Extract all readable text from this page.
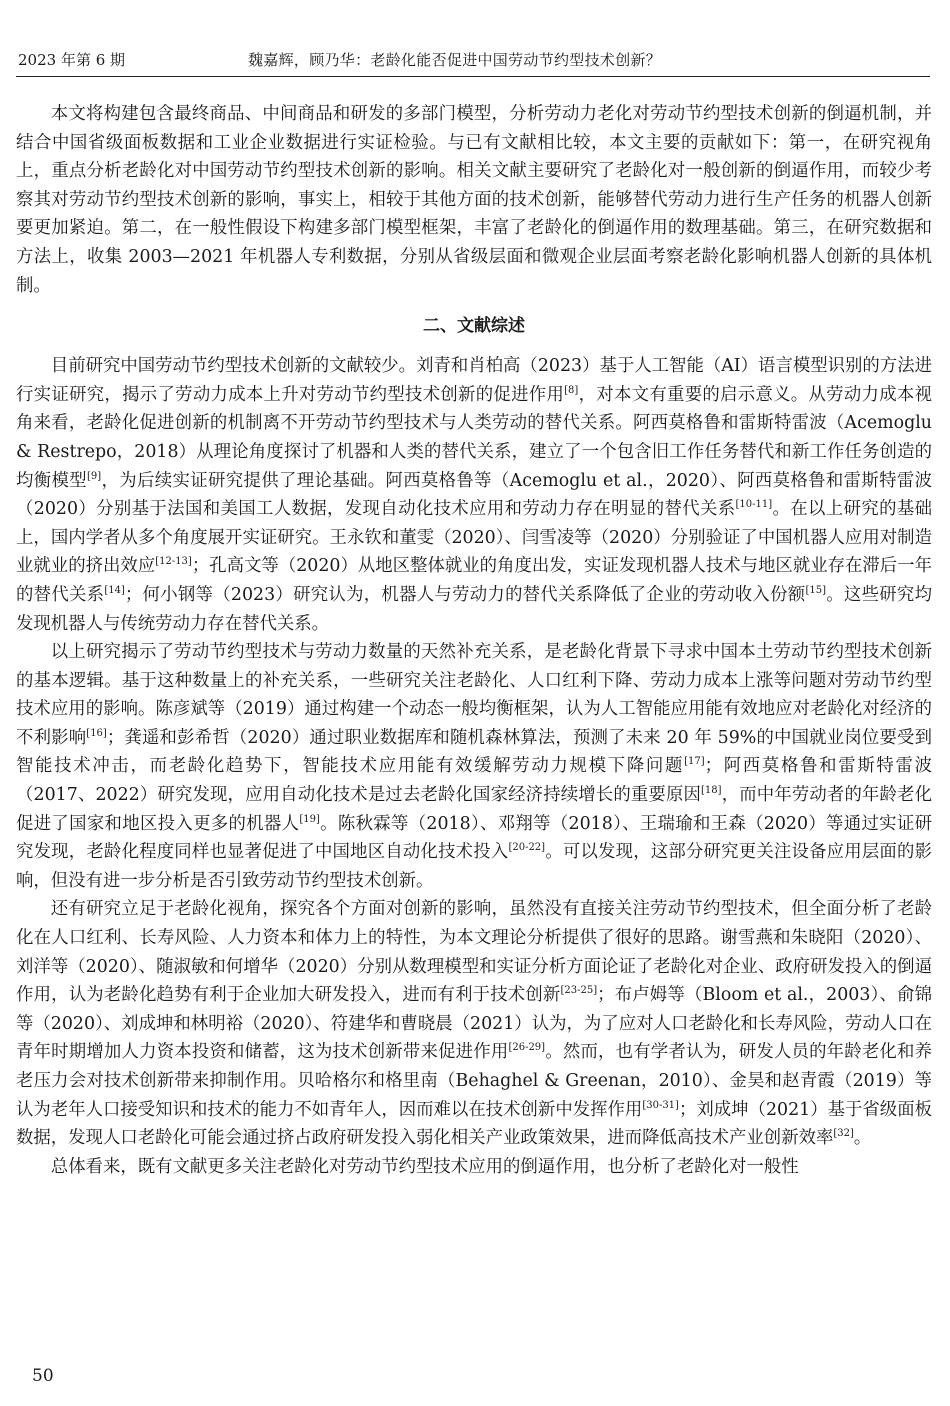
2023 年第 6 期	魏嘉辉，顾乃华：老龄化能否促进中国劳动节约型技术创新？

本文将构建包含最终商品、中间商品和研发的多部门模型，分析劳动力老化对劳动节约型技术创新的倒逼机制，并结合中国省级面板数据和工业企业数据进行实证检验。与已有文献相比较，本文主要的贡献如下：第一，在研究视角上，重点分析老龄化对中国劳动节约型技术创新的影响。相关文献主要研究了老龄化对一般创新的倒逼作用，而较少考察其对劳动节约型技术创新的影响，事实上，相较于其他方面的技术创新，能够替代劳动力进行生产任务的机器人创新要更加紧迫。第二，在一般性假设下构建多部门模型框架，丰富了老龄化的倒逼作用的数理基础。第三，在研究数据和方法上，收集 2003—2021 年机器人专利数据，分别从省级层面和微观企业层面考察老龄化影响机器人创新的具体机制。

二、文献综述

目前研究中国劳动节约型技术创新的文献较少。刘青和肖柏高（2023）基于人工智能（AI）语言模型识别的方法进行实证研究，揭示了劳动力成本上升对劳动节约型技术创新的促进作用[8]，对本文有重要的启示意义。从劳动力成本视角来看，老龄化促进创新的机制离不开劳动节约型技术与人类劳动的替代关系。阿西莫格鲁和雷斯特雷波（Acemoglu & Restrepo，2018）从理论角度探讨了机器和人类的替代关系，建立了一个包含旧工作任务替代和新工作任务创造的均衡模型[9]，为后续实证研究提供了理论基础。阿西莫格鲁等（Acemoglu et al.，2020）、阿西莫格鲁和雷斯特雷波（2020）分别基于法国和美国工人数据，发现自动化技术应用和劳动力存在明显的替代关系[10-11]。在以上研究的基础上，国内学者从多个角度展开实证研究。王永钦和董雯（2020）、闫雪凌等（2020）分别验证了中国机器人应用对制造业就业的挤出效应[12-13]；孔高文等（2020）从地区整体就业的角度出发，实证发现机器人技术与地区就业存在滞后一年的替代关系[14]；何小钢等（2023）研究认为，机器人与劳动力的替代关系降低了企业的劳动收入份额[15]。这些研究均发现机器人与传统劳动力存在替代关系。

以上研究揭示了劳动节约型技术与劳动力数量的天然补充关系，是老龄化背景下寻求中国本土劳动节约型技术创新的基本逻辑。基于这种数量上的补充关系，一些研究关注老龄化、人口红利下降、劳动力成本上涨等问题对劳动节约型技术应用的影响。陈彦斌等（2019）通过构建一个动态一般均衡框架，认为人工智能应用能有效地应对老龄化对经济的不利影响[16]；龚遥和彭希哲（2020）通过职业数据库和随机森林算法，预测了未来 20 年 59%的中国就业岗位要受到智能技术冲击，而老龄化趋势下，智能技术应用能有效缓解劳动力规模下降问题[17]；阿西莫格鲁和雷斯特雷波（2017、2022）研究发现，应用自动化技术是过去老龄化国家经济持续增长的重要原因[18]，而中年劳动者的年龄老化促进了国家和地区投入更多的机器人[19]。陈秋霖等（2018）、邓翔等（2018）、王瑞瑜和王森（2020）等通过实证研究发现，老龄化程度同样也显著促进了中国地区自动化技术投入[20-22]。可以发现，这部分研究更关注设备应用层面的影响，但没有进一步分析是否引致劳动节约型技术创新。

还有研究立足于老龄化视角，探究各个方面对创新的影响，虽然没有直接关注劳动节约型技术，但全面分析了老龄化在人口红利、长寿风险、人力资本和体力上的特性，为本文理论分析提供了很好的思路。谢雪燕和朱晓阳（2020）、刘洋等（2020）、随淑敏和何增华（2020）分别从数理模型和实证分析方面论证了老龄化对企业、政府研发投入的倒逼作用，认为老龄化趋势有利于企业加大研发投入，进而有利于技术创新[23-25]；布卢姆等（Bloom et al.，2003）、俞锦等（2020）、刘成坤和林明裕（2020）、符建华和曹晓晨（2021）认为，为了应对人口老龄化和长寿风险，劳动人口在青年时期增加人力资本投资和储蓄，这为技术创新带来促进作用[26-29]。然而，也有学者认为，研发人员的年龄老化和养老压力会对技术创新带来抑制作用。贝哈格尔和格里南（Behaghel & Greenan，2010）、金昊和赵青霞（2019）等认为老年人口接受知识和技术的能力不如青年人，因而难以在技术创新中发挥作用[30-31]；刘成坤（2021）基于省级面板数据，发现人口老龄化可能会通过挤占政府研发投入弱化相关产业政策效果，进而降低高技术产业创新效率[32]。

总体看来，既有文献更多关注老龄化对劳动节约型技术应用的倒逼作用，也分析了老龄化对一般性

50
